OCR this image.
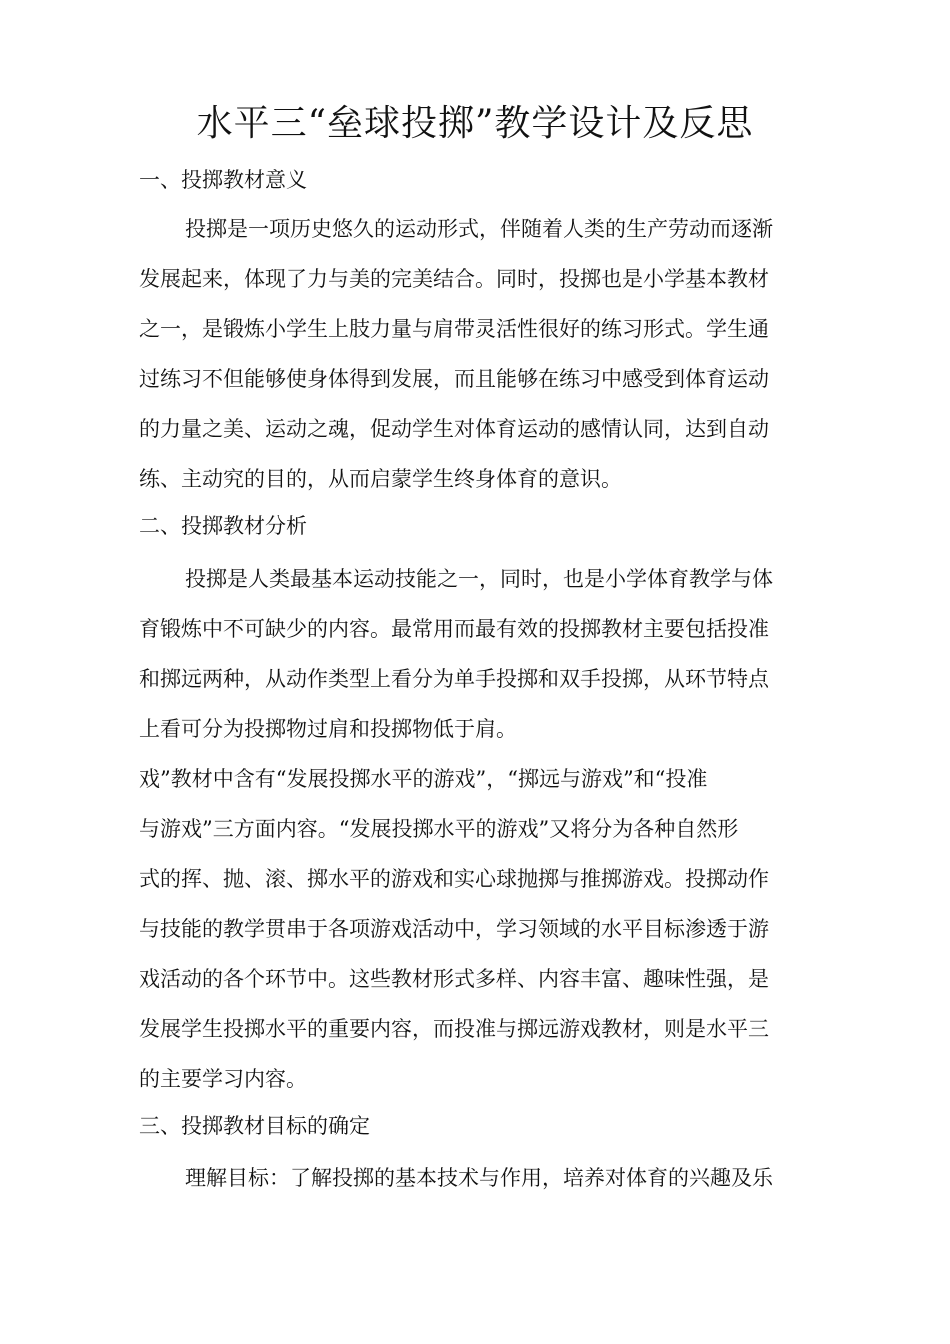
水平三“垒球投掷”教学设计及反思
一、投掷教材意义
投掷是一项历史悠久的运动形式，伴随着人类的生产劳动而逐渐
发展起来，体现了力与美的完美结合。同时，投掷也是小学基本教材
之一，是锻炼小学生上肢力量与肩带灵活性很好的练习形式。学生通
过练习不但能够使身体得到发展，而且能够在练习中感受到体育运动
的力量之美、运动之魂，促动学生对体育运动的感情认同，达到自动
练、主动究的目的，从而启蒙学生终身体育的意识。
二、投掷教材分析
投掷是人类最基本运动技能之一，同时，也是小学体育教学与体
育锻炼中不可缺少的内容。最常用而最有效的投掷教材主要包括投准
和掷远两种，从动作类型上看分为单手投掷和双手投掷，从环节特点
上看可分为投掷物过肩和投掷物低于肩。
戏”教材中含有“发展投掷水平的游戏”，“掷远与游戏”和“投准
与游戏”三方面内容。“发展投掷水平的游戏”又将分为各种自然形
式的挥、抛、滚、掷水平的游戏和实心球抛掷与推掷游戏。投掷动作
与技能的教学贯串于各项游戏活动中，学习领域的水平目标渗透于游
戏活动的各个环节中。这些教材形式多样、内容丰富、趣味性强，是
发展学生投掷水平的重要内容，而投准与掷远游戏教材，则是水平三
的主要学习内容。
三、投掷教材目标的确定
理解目标：了解投掷的基本技术与作用，培养对体育的兴趣及乐
